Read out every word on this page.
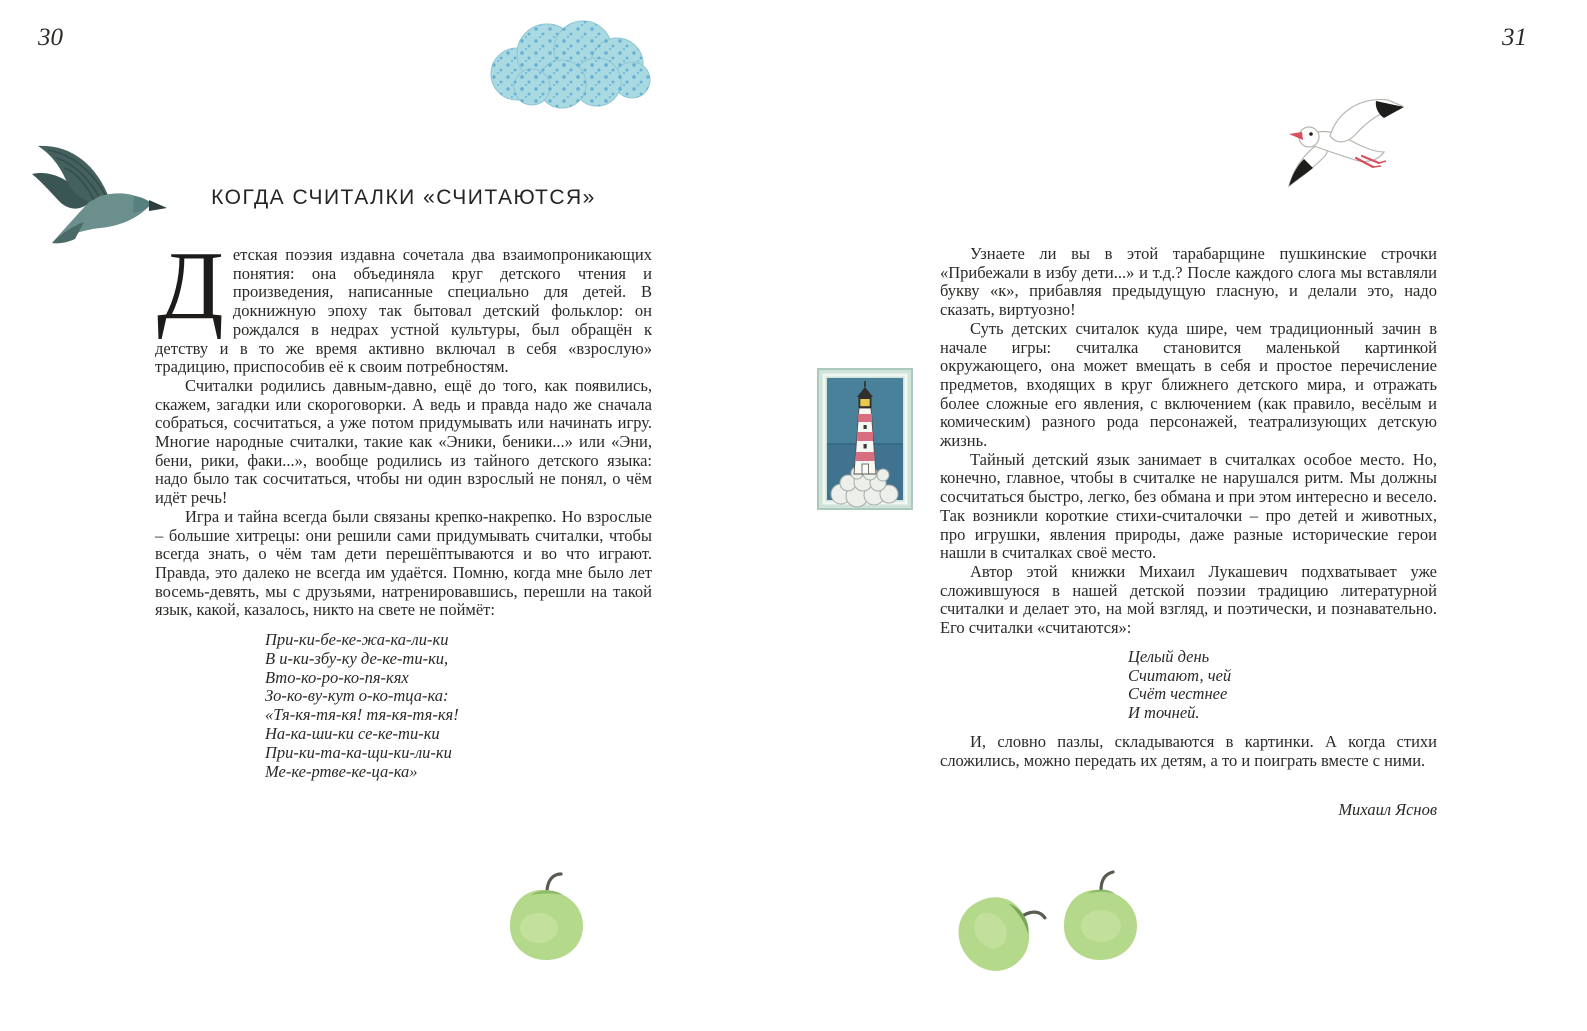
30	31
КОГДА СЧИТАЛКИ «СЧИТАЮТСЯ»

Детская поэзия издавна сочетала два взаимопроникающих понятия: она объединяла круг детского чтения и произведения, написанные специально для детей. В докнижную эпоху так бытовал детский фольклор: он рождался в недрах устной культуры, был обращён к детству и в то же время активно включал в себя «взрослую» традицию, приспособив её к своим потребностям.

Считалки родились давным-давно, ещё до того, как появились, скажем, загадки или скороговорки. А ведь и правда надо же сначала собраться, сосчитаться, а уже потом придумывать или начинать игру. Многие народные считалки, такие как «Эники, беники...» или «Эни, бени, рики, факи...», вообще родились из тайного детского языка: надо было так сосчитаться, чтобы ни один взрослый не понял, о чём идёт речь!

Игра и тайна всегда были связаны крепко-накрепко. Но взрослые – большие хитрецы: они решили сами придумывать считалки, чтобы всегда знать, о чём там дети перешёптываются и во что играют. Правда, это далеко не всегда им удаётся. Помню, когда мне было лет восемь-девять, мы с друзьями, натренировавшись, перешли на такой язык, какой, казалось, никто на свете не поймёт:

При-ки-бе-ке-жа-ка-ли-ки
В и-ки-збу-ку де-ке-ти-ки,
Вто-ко-ро-ко-пя-кях
Зо-ко-ву-кут о-ко-тца-ка:
«Тя-кя-тя-кя! тя-кя-тя-кя!
На-ка-ши-ки се-ке-ти-ки
При-ки-та-ка-щи-ки-ли-ки
Ме-ке-ртве-ке-ца-ка»

Узнаете ли вы в этой тарабарщине пушкинские строчки «Прибежали в избу дети...» и т.д.? После каждого слога мы вставляли букву «к», прибавляя предыдущую гласную, и делали это, надо сказать, виртуозно!

Суть детских считалок куда шире, чем традиционный зачин в начале игры: считалка становится маленькой картинкой окружающего, она может вмещать в себя и простое перечисление предметов, входящих в круг ближнего детского мира, и отражать более сложные его явления, с включением (как правило, весёлым и комическим) разного рода персонажей, театрализующих детскую жизнь.

Тайный детский язык занимает в считалках особое место. Но, конечно, главное, чтобы в считалке не нарушался ритм. Мы должны сосчитаться быстро, легко, без обмана и при этом интересно и весело. Так возникли короткие стихи-считалочки – про детей и животных, про игрушки, явления природы, даже разные исторические герои нашли в считалках своё место.

Автор этой книжки Михаил Лукашевич подхватывает уже сложившуюся в нашей детской поэзии традицию литературной считалки и делает это, на мой взгляд, и поэтически, и познавательно. Его считалки «считаются»:

Целый день
Считают, чей
Счёт честнее
И точней.

И, словно пазлы, складываются в картинки. А когда стихи сложились, можно передать их детям, а то и поиграть вместе с ними.

Михаил Яснов
